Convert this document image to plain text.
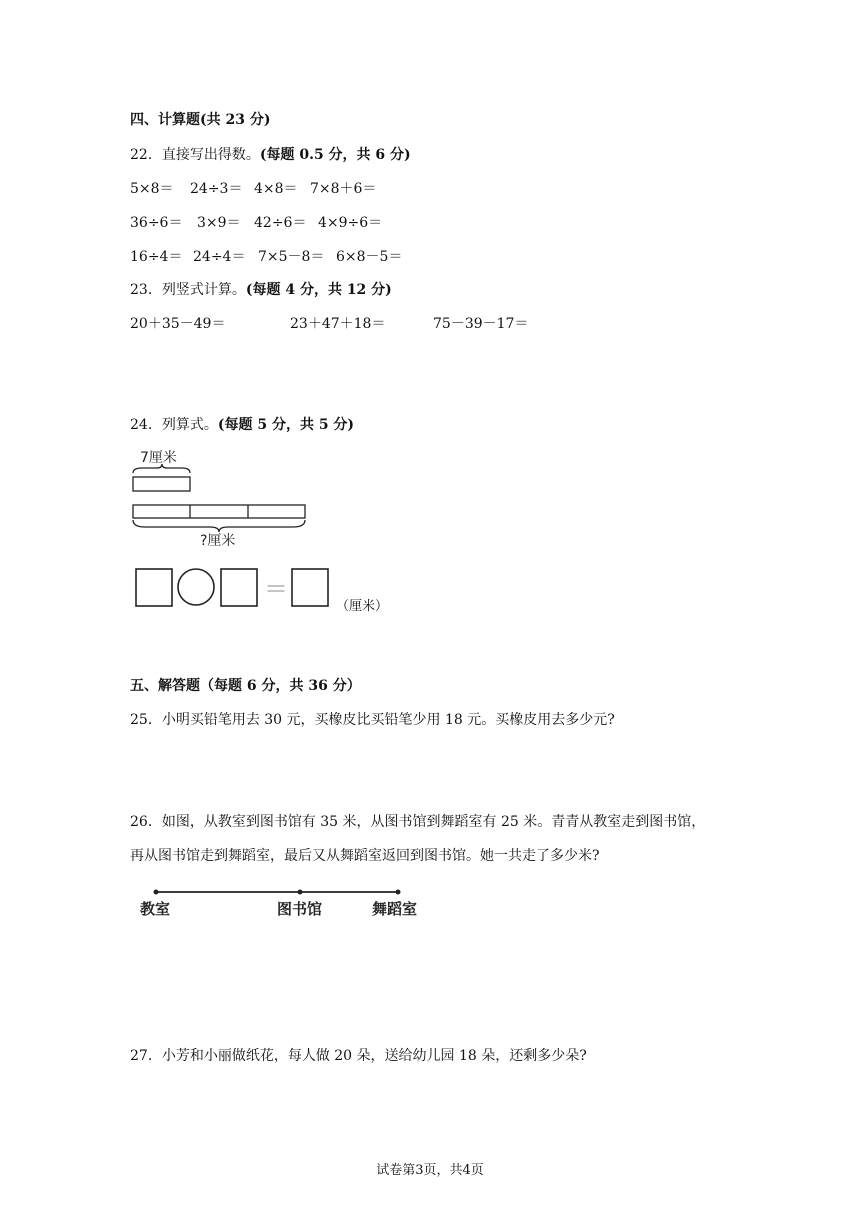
四、计算题(共 23 分)
22．直接写出得数。(每题 0.5 分，共 6 分)
5×8＝ 24÷3＝ 4×8＝ 7×8＋6＝
36÷6＝ 3×9＝ 42÷6＝ 4×9÷6＝
16÷4＝ 24÷4＝ 7×5－8＝ 6×8－5＝
23．列竖式计算。(每题 4 分，共 12 分)
20＋35－49＝	23＋47＋18＝	75－39－17＝
24．列算式。(每题 5 分，共 5 分)
7厘米
?厘米
＝
（厘米）
五、解答题（每题 6 分，共 36 分）
25．小明买铅笔用去 30 元，买橡皮比买铅笔少用 18 元。买橡皮用去多少元?
26．如图，从教室到图书馆有 35 米，从图书馆到舞蹈室有 25 米。青青从教室走到图书馆，
再从图书馆走到舞蹈室，最后又从舞蹈室返回到图书馆。她一共走了多少米?
教室	图书馆	舞蹈室
27．小芳和小丽做纸花，每人做 20 朵，送给幼儿园 18 朵，还剩多少朵?
试卷第3页，共4页
